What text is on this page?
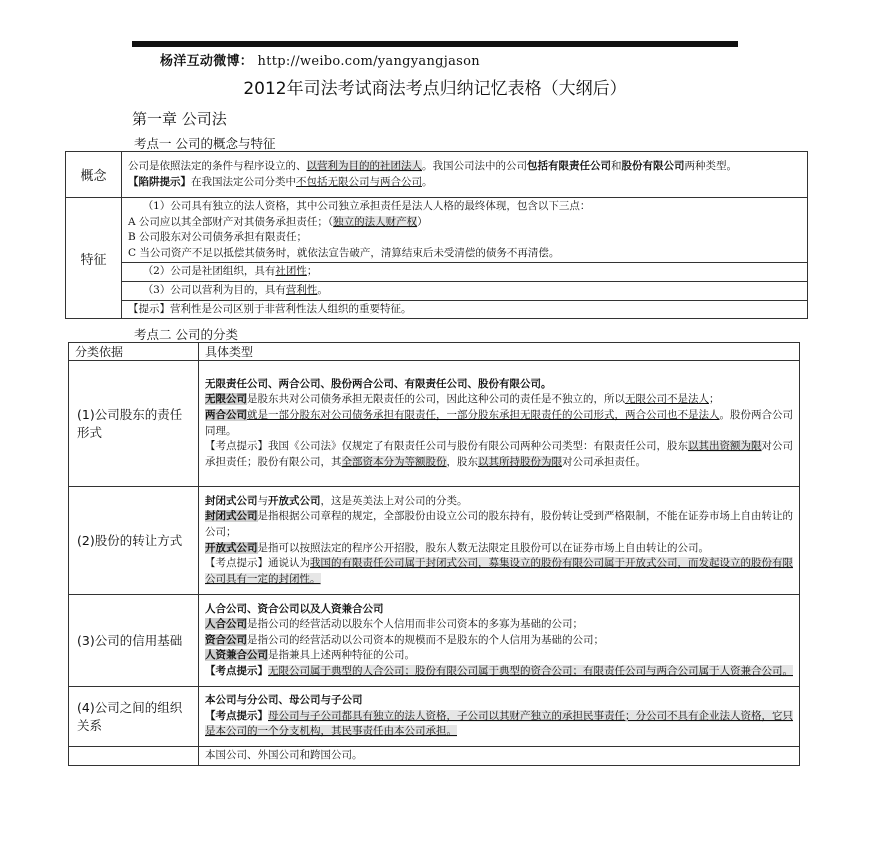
杨洋互动微博： http://weibo.com/yangyangjason
2012年司法考试商法考点归纳记忆表格（大纲后）
第一章 公司法
考点一 公司的概念与特征
概念	公司是依照法定的条件与程序设立的、以营利为目的的社团法人。我国公司法中的公司包括有限责任公司和股份有限公司两种类型。

【陷阱提示】在我国法定公司分类中不包括无限公司与两合公司。

特征	（1）公司具有独立的法人资格，其中公司独立承担责任是法人人格的最终体现，包含以下三点：

A 公司应以其全部财产对其债务承担责任；（独立的法人财产权）

B 公司股东对公司债务承担有限责任；

C 当公司资产不足以抵偿其债务时，就依法宣告破产，清算结束后未受清偿的债务不再清偿。

	（2）公司是社团组织，具有社团性；

	（3）公司以营利为目的，具有营利性。

	【提示】营利性是公司区别于非营利性法人组织的重要特征。

考点二 公司的分类
分类依据	具体类型
(1)公司股东的责任形式	无限责任公司、两合公司、股份两合公司、有限责任公司、股份有限公司。

无限公司是股东共对公司债务承担无限责任的公司，因此这种公司的责任是不独立的，所以无限公司不是法人；

两合公司就是一部分股东对公司债务承担有限责任，一部分股东承担无限责任的公司形式，两合公司也不是法人。股份两合公司同理。

【考点提示】我国《公司法》仅规定了有限责任公司与股份有限公司两种公司类型：有限责任公司，股东以其出资额为限对公司承担责任；股份有限公司，其全部资本分为等额股份，股东以其所持股份为限对公司承担责任。

(2)股份的转让方式	封闭式公司与开放式公司，这是英美法上对公司的分类。

封闭式公司是指根据公司章程的规定，全部股份由设立公司的股东持有，股份转让受到严格限制，不能在证券市场上自由转让的公司；

开放式公司是指可以按照法定的程序公开招股，股东人数无法限定且股份可以在证券市场上自由转让的公司。

【考点提示】通说认为我国的有限责任公司属于封闭式公司，募集设立的股份有限公司属于开放式公司，而发起设立的股份有限公司具有一定的封闭性。

(3)公司的信用基础	人合公司、资合公司以及人资兼合公司

人合公司是指公司的经营活动以股东个人信用而非公司资本的多寡为基础的公司；

资合公司是指公司的经营活动以公司资本的规模而不是股东的个人信用为基础的公司；

人资兼合公司是指兼具上述两种特征的公司。

【考点提示】无限公司属于典型的人合公司；股份有限公司属于典型的资合公司；有限责任公司与两合公司属于人资兼合公司。

(4)公司之间的组织关系	本公司与分公司、母公司与子公司

【考点提示】母公司与子公司都具有独立的法人资格，子公司以其财产独立的承担民事责任；分公司不具有企业法人资格，它只是本公司的一个分支机构，其民事责任由本公司承担。

	本国公司、外国公司和跨国公司。
